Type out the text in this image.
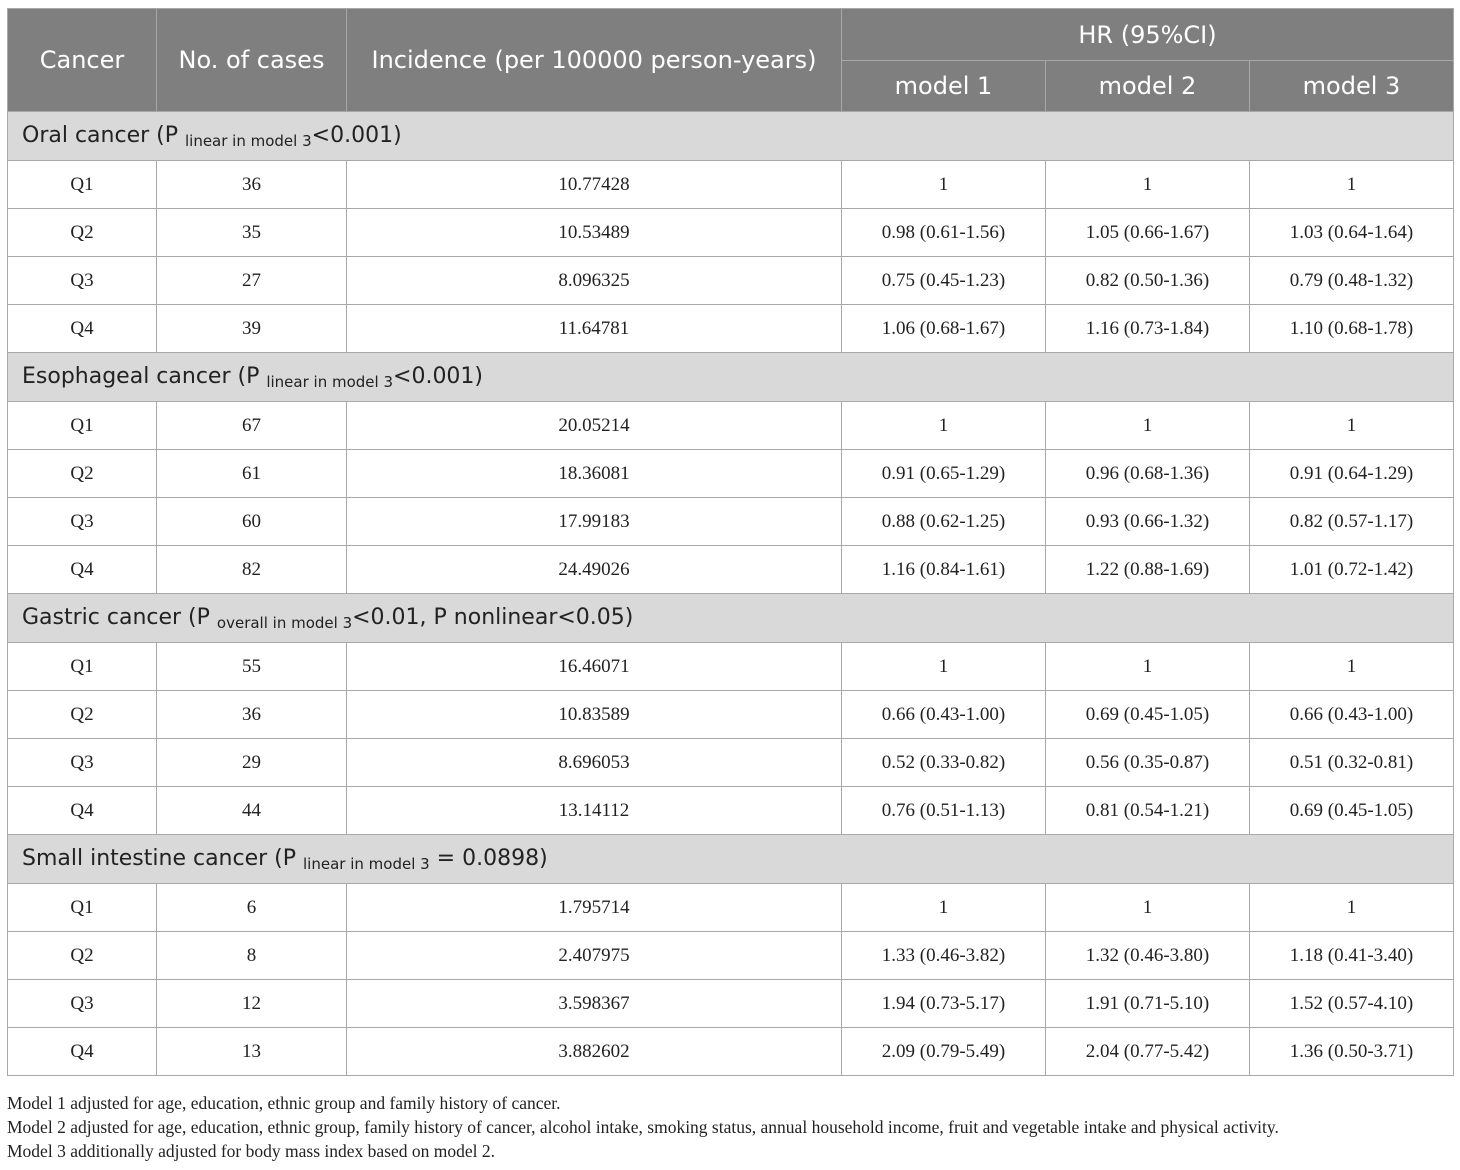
Cancer	No. of cases	Incidence (per 100000 person-years)	HR (95%CI)		
			model 1	model 2	model 3
Oral cancer (P $_{linear in model 3}$<0.001)					
Q1	36	10.77428	1	1	1
Q2	35	10.53489	0.98 (0.61-1.56)	1.05 (0.66-1.67)	1.03 (0.64-1.64)
Q3	27	8.096325	0.75 (0.45-1.23)	0.82 (0.50-1.36)	0.79 (0.48-1.32)
Q4	39	11.64781	1.06 (0.68-1.67)	1.16 (0.73-1.84)	1.10 (0.68-1.78)
Esophageal cancer (P $_{linear in model 3}$<0.001)					
Q1	67	20.05214	1	1	1
Q2	61	18.36081	0.91 (0.65-1.29)	0.96 (0.68-1.36)	0.91 (0.64-1.29)
Q3	60	17.99183	0.88 (0.62-1.25)	0.93 (0.66-1.32)	0.82 (0.57-1.17)
Q4	82	24.49026	1.16 (0.84-1.61)	1.22 (0.88-1.69)	1.01 (0.72-1.42)
Gastric cancer (P $_{overall in model 3}$<0.01, P nonlinear<0.05)					
Q1	55	16.46071	1	1	1
Q2	36	10.83589	0.66 (0.43-1.00)	0.69 (0.45-1.05)	0.66 (0.43-1.00)
Q3	29	8.696053	0.52 (0.33-0.82)	0.56 (0.35-0.87)	0.51 (0.32-0.81)
Q4	44	13.14112	0.76 (0.51-1.13)	0.81 (0.54-1.21)	0.69 (0.45-1.05)
Small intestine cancer (P $_{linear in model 3}$ = 0.0898)					
Q1	6	1.795714	1	1	1
Q2	8	2.407975	1.33 (0.46-3.82)	1.32 (0.46-3.80)	1.18 (0.41-3.40)
Q3	12	3.598367	1.94 (0.73-5.17)	1.91 (0.71-5.10)	1.52 (0.57-4.10)
Q4	13	3.882602	2.09 (0.79-5.49)	2.04 (0.77-5.42)	1.36 (0.50-3.71)
Model 1 adjusted for age, education, ethnic group and family history of cancer.
Model 2 adjusted for age, education, ethnic group, family history of cancer, alcohol intake, smoking status, annual household income, fruit and vegetable intake and physical activity.
Model 3 additionally adjusted for body mass index based on model 2.
